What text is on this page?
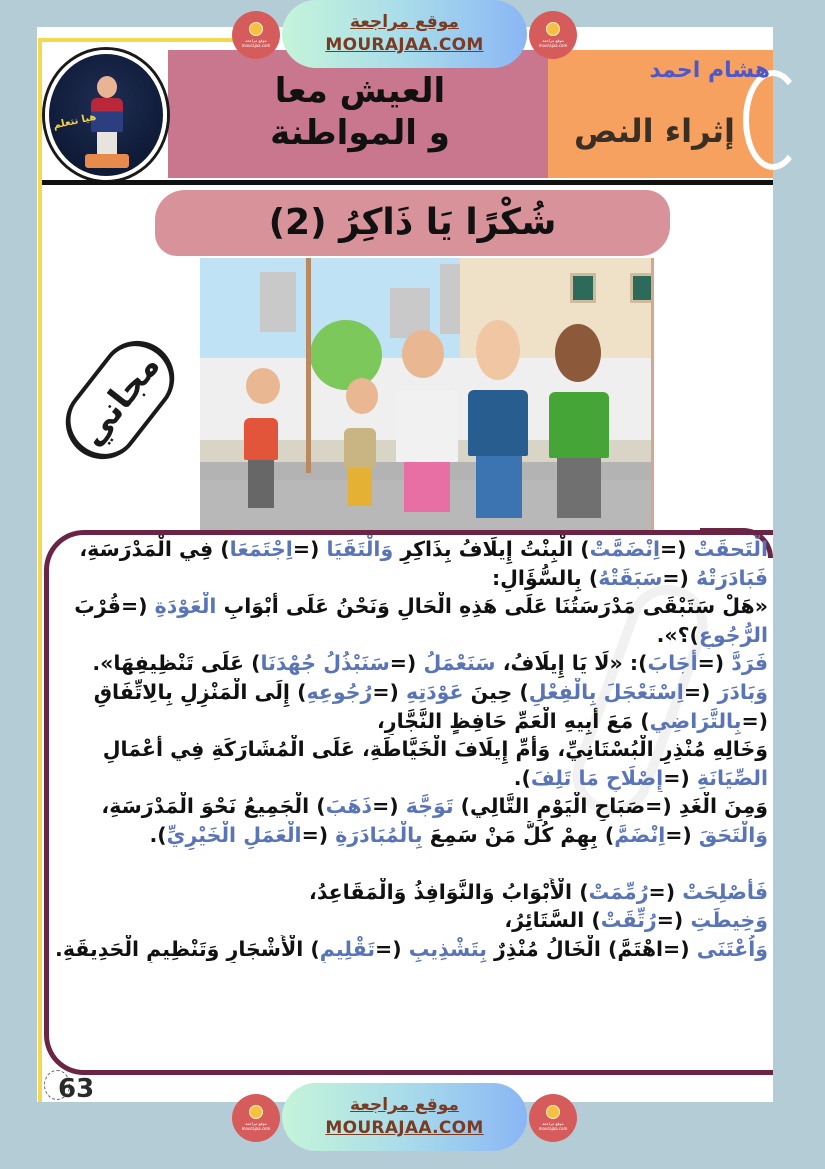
هيا نتعلم
العيش معا
و المواطنة
هشام احمد
إثراء النص
شُكْرًا يَا ذَاكِرُ (2)
مجاني

الْتَحقَتْ (=اِنْضَمَّتْ) الْبِنْتُ إِيلَافُ بِذَاكِرٍ وَالْتَقَيَا (=اِجْتَمَعَا) فِي الْمَدْرَسَةِ،

فَبَادَرَتْهُ (=سَبَقَتْهُ) بِالسُّؤَالِ:

«هَلْ سَتَبْقَى مَدْرَسَتُنَا عَلَى هَذِهِ الْحَالِ وَنَحْنُ عَلَى أَبْوَابِ الْعَوْدَةِ (=قُرْبَ

الرُّجُوعِ)؟».

فَرَدَّ (=أَجَابَ): «لَا يَا إِيلَافُ، سَنَعْمَلُ (=سَنَبْذُلُ جُهْدَنَا) عَلَى تَنْظِيفِهَا».

وَبَادَرَ (=اِسْتَعْجَلَ بِالْفِعْلِ) حِينَ عَوْدَتِهِ (=رُجُوعِهِ) إِلَى الْمَنْزِلِ بِالِاتِّفَاقِ

(=بِالتَّرَاضِي) مَعَ أَبِيهِ الْعَمِّ حَافِظٍ النَّجَّارِ،

وَخَالِهِ مُنْذِرٍ الْبُسْتَانِيِّ، وَأُمِّ إِيلَافَ الْخَيَّاطَةِ، عَلَى الْمُشَارَكَةِ فِي أَعْمَالِ

الصِّيَانَةِ (=إِصْلَاحِ مَا تَلِفَ).

وَمِنَ الْغَدِ (=صَبَاحِ الْيَوْمِ التَّالِي) تَوَجَّهَ (=ذَهَبَ) الْجَمِيعُ نَحْوَ الْمَدْرَسَةِ،

وَالْتَحَقَ (=اِنْضَمَّ) بِهِمْ كُلُّ مَنْ سَمِعَ بِالْمُبَادَرَةِ (=الْعَمَلِ الْخَيْرِيِّ).

فَأُصْلِحَتْ (=رُمِّمَتْ) الْأَبْوَابُ وَالنَّوَافِذُ وَالْمَقَاعِدُ،

وَخِيطَتِ (=رُتِّقَتْ) السَّتَائِرُ،

وَاُعْتَنَى (=اهْتَمَّ) الْخَالُ مُنْذِرٌ بِتَشْذِيبِ (=تَقْلِيمِ) الْأَشْجَارِ وَتَنْظِيمِ الْحَدِيقَةِ.

63
موقع مراجعة mourajaa.com
موقع مراجعة
MOURAJAA.COM	موقع مراجعة mourajaa.com
موقع مراجعة mourajaa.com
موقع مراجعة
MOURAJAA.COM	موقع مراجعة mourajaa.com
